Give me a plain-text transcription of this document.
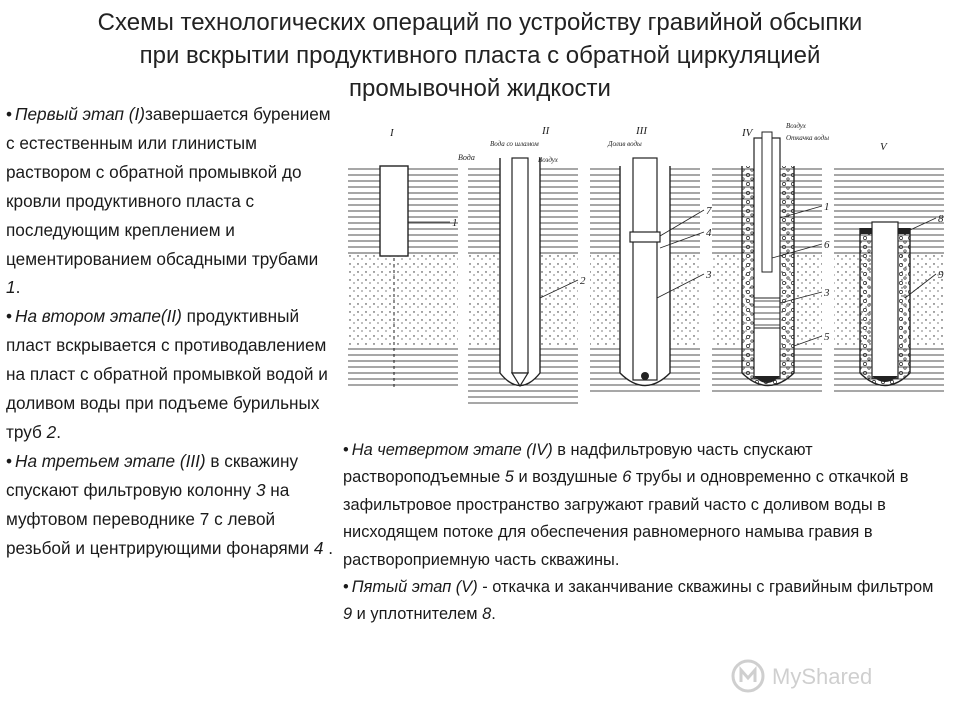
Схемы технологических операций по устройству гравийной обсыпки
при вскрытии продуктивного пласта с обратной циркуляцией
промывочной жидкости

• Первый этап (I)завершается бурением с естественным или глинистым раствором с обратной промывкой до кровли продуктивного пласта с последующим креплением и цементированием обсадными трубами 1.

• На втором этапе(II) продуктивный пласт вскрывается с противодавлением на пласт с обратной промывкой водой и доливом воды при подъеме бурильных труб 2.

• На третьем этапе (III) в скважину спускают фильтровую колонну 3 на муфтовом переводнике 7 с левой резьбой и центрирующими фонарями 4 .

• На четвертом этапе (IV) в надфильтровую часть спускают раствороподъемные 5 и воздушные 6 трубы и одновременно с откачкой в зафильтровое пространство загружают гравий часто с доливом воды в нисходящем потоке для обеспечения равномерного намыва гравия в раствороприемную часть скважины.

• Пятый этап (V) - откачка и заканчивание скважины с гравийным фильтром 9 и уплотнителем 8.

I	II	III	IV
V
Вода
Вода со шламом
Воздух
Долив воды
Воздух
Откачка воды
1
2
7
4
3
1
6
3
5
8
9
MyShared
